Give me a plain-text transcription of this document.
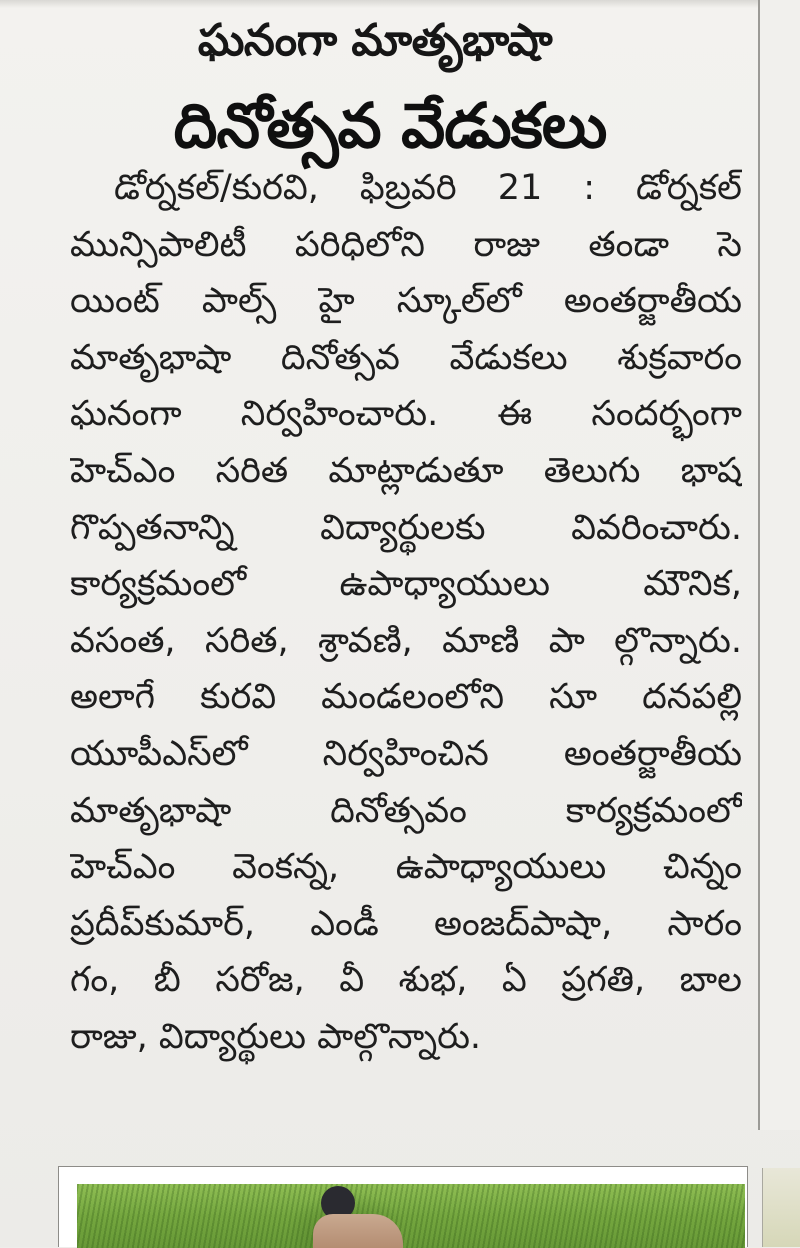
ఘనంగా మాతృభాషా
దినోత్సవ వేడుకలు
డోర్నకల్/కురవి, ఫిబ్రవరి 21 : డోర్నకల్
మున్సిపాలిటీ పరిధిలోని రాజు తండా సె
యింట్ పాల్స్ హై స్కూల్‌లో అంతర్జాతీయ
మాతృభాషా దినోత్సవ వేడుకలు శుక్రవారం
ఘనంగా నిర్వహించారు. ఈ సందర్భంగా
హెచ్‌ఎం సరిత మాట్లాడుతూ తెలుగు భాష
గొప్పతనాన్ని విద్యార్థులకు వివరించారు.
కార్యక్రమంలో ఉపాధ్యాయులు మౌనిక,
వసంత, సరిత, శ్రావణి, మాణి పా ల్గొన్నారు.
అలాగే కురవి మండలంలోని సూ దనపల్లి
యూపీఎస్‌లో నిర్వహించిన అంతర్జాతీయ
మాతృభాషా దినోత్సవం కార్యక్రమంలో
హెచ్‌ఎం వెంకన్న, ఉపాధ్యాయులు చిన్నం
ప్రదీప్‌కుమార్, ఎండీ అంజద్‌పాషా, సారం
గం, బీ సరోజ, వీ శుభ, ఏ ప్రగతి, బాల
రాజు, విద్యార్థులు పాల్గొన్నారు.
